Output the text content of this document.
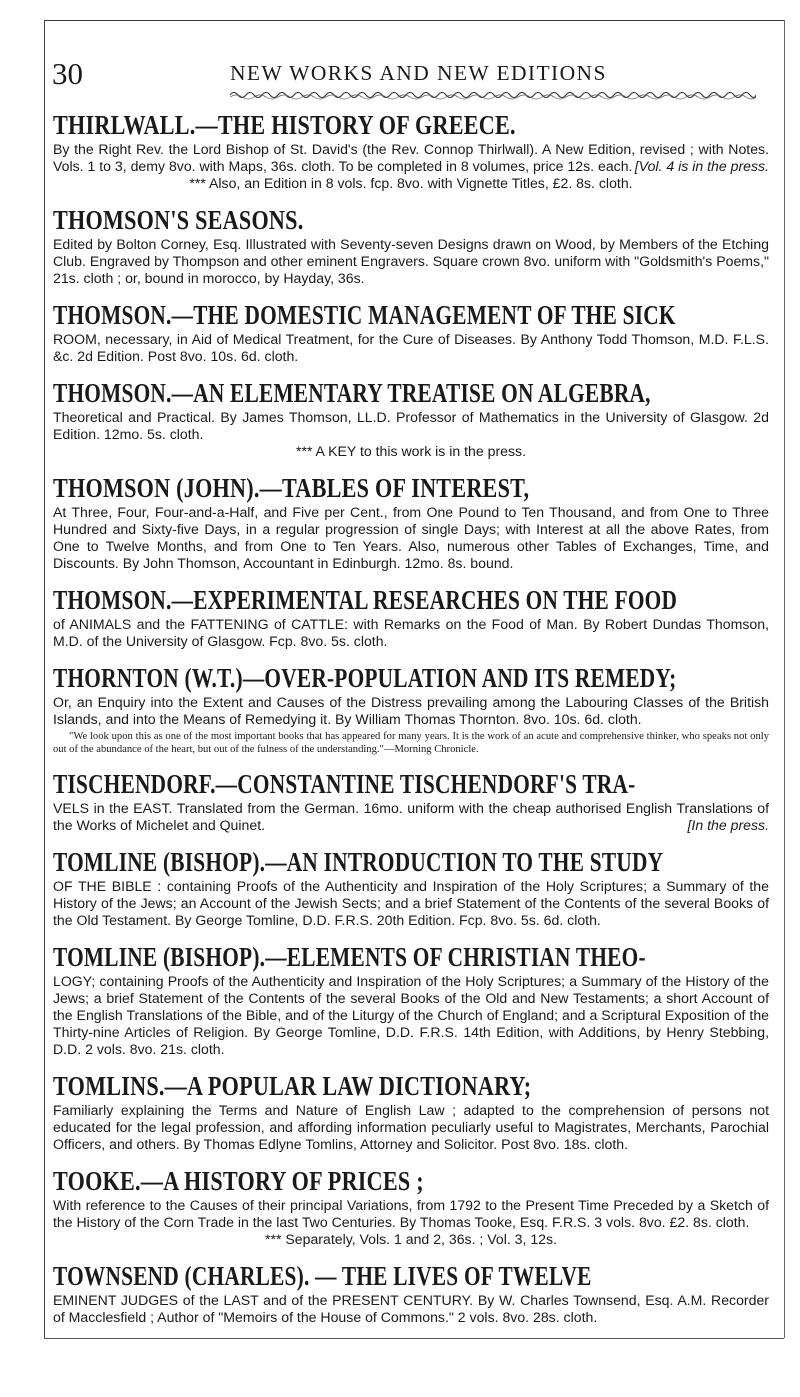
30	NEW WORKS AND NEW EDITIONS
THIRLWALL.—THE HISTORY OF GREECE.
By the Right Rev. the Lord Bishop of St. David's (the Rev. Connop Thirlwall). A New Edition, revised ; with Notes. Vols. 1 to 3, demy 8vo. with Maps, 36s. cloth. To be completed in 8 volumes, price 12s. each. [Vol. 4 is in the press.
*** Also, an Edition in 8 vols. fcp. 8vo. with Vignette Titles, £2. 8s. cloth.
THOMSON'S SEASONS.
Edited by Bolton Corney, Esq. Illustrated with Seventy-seven Designs drawn on Wood, by Members of the Etching Club. Engraved by Thompson and other eminent Engravers. Square crown 8vo. uniform with "Goldsmith's Poems," 21s. cloth ; or, bound in morocco, by Hayday, 36s.
THOMSON.—THE DOMESTIC MANAGEMENT OF THE SICK
ROOM, necessary, in Aid of Medical Treatment, for the Cure of Diseases. By Anthony Todd Thomson, M.D. F.L.S. &c. 2d Edition. Post 8vo. 10s. 6d. cloth.
THOMSON.—AN ELEMENTARY TREATISE ON ALGEBRA,
Theoretical and Practical. By James Thomson, LL.D. Professor of Mathematics in the University of Glasgow. 2d Edition. 12mo. 5s. cloth.
*** A KEY to this work is in the press.
THOMSON (JOHN).—TABLES OF INTEREST,
At Three, Four, Four-and-a-Half, and Five per Cent., from One Pound to Ten Thousand, and from One to Three Hundred and Sixty-five Days, in a regular progression of single Days; with Interest at all the above Rates, from One to Twelve Months, and from One to Ten Years. Also, numerous other Tables of Exchanges, Time, and Discounts. By John Thomson, Accountant in Edinburgh. 12mo. 8s. bound.
THOMSON.—EXPERIMENTAL RESEARCHES ON THE FOOD
of ANIMALS and the FATTENING of CATTLE: with Remarks on the Food of Man. By Robert Dundas Thomson, M.D. of the University of Glasgow. Fcp. 8vo. 5s. cloth.
THORNTON (W.T.)—OVER-POPULATION AND ITS REMEDY;
Or, an Enquiry into the Extent and Causes of the Distress prevailing among the Labouring Classes of the British Islands, and into the Means of Remedying it. By William Thomas Thornton. 8vo. 10s. 6d. cloth.
"We look upon this as one of the most important books that has appeared for many years. It is the work of an acute and comprehensive thinker, who speaks not only out of the abundance of the heart, but out of the fulness of the understanding."—Morning Chronicle.
TISCHENDORF.—CONSTANTINE TISCHENDORF'S TRA-
VELS in the EAST. Translated from the German. 16mo. uniform with the cheap authorised English Translations of the Works of Michelet and Quinet.	[In the press.
TOMLINE (BISHOP).—AN INTRODUCTION TO THE STUDY
OF THE BIBLE : containing Proofs of the Authenticity and Inspiration of the Holy Scriptures; a Summary of the History of the Jews; an Account of the Jewish Sects; and a brief Statement of the Contents of the several Books of the Old Testament. By George Tomline, D.D. F.R.S. 20th Edition. Fcp. 8vo. 5s. 6d. cloth.
TOMLINE (BISHOP).—ELEMENTS OF CHRISTIAN THEO-
LOGY; containing Proofs of the Authenticity and Inspiration of the Holy Scriptures; a Summary of the History of the Jews; a brief Statement of the Contents of the several Books of the Old and New Testaments; a short Account of the English Translations of the Bible, and of the Liturgy of the Church of England; and a Scriptural Exposition of the Thirty-nine Articles of Religion. By George Tomline, D.D. F.R.S. 14th Edition, with Additions, by Henry Stebbing, D.D. 2 vols. 8vo. 21s. cloth.
TOMLINS.—A POPULAR LAW DICTIONARY;
Familiarly explaining the Terms and Nature of English Law ; adapted to the comprehension of persons not educated for the legal profession, and affording information peculiarly useful to Magistrates, Merchants, Parochial Officers, and others. By Thomas Edlyne Tomlins, Attorney and Solicitor. Post 8vo. 18s. cloth.
TOOKE.—A HISTORY OF PRICES ;
With reference to the Causes of their principal Variations, from 1792 to the Present Time Preceded by a Sketch of the History of the Corn Trade in the last Two Centuries. By Thomas Tooke, Esq. F.R.S. 3 vols. 8vo. £2. 8s. cloth.
*** Separately, Vols. 1 and 2, 36s. ; Vol. 3, 12s.
TOWNSEND (CHARLES). — THE LIVES OF TWELVE
EMINENT JUDGES of the LAST and of the PRESENT CENTURY. By W. Charles Townsend, Esq. A.M. Recorder of Macclesfield ; Author of "Memoirs of the House of Commons." 2 vols. 8vo. 28s. cloth.
